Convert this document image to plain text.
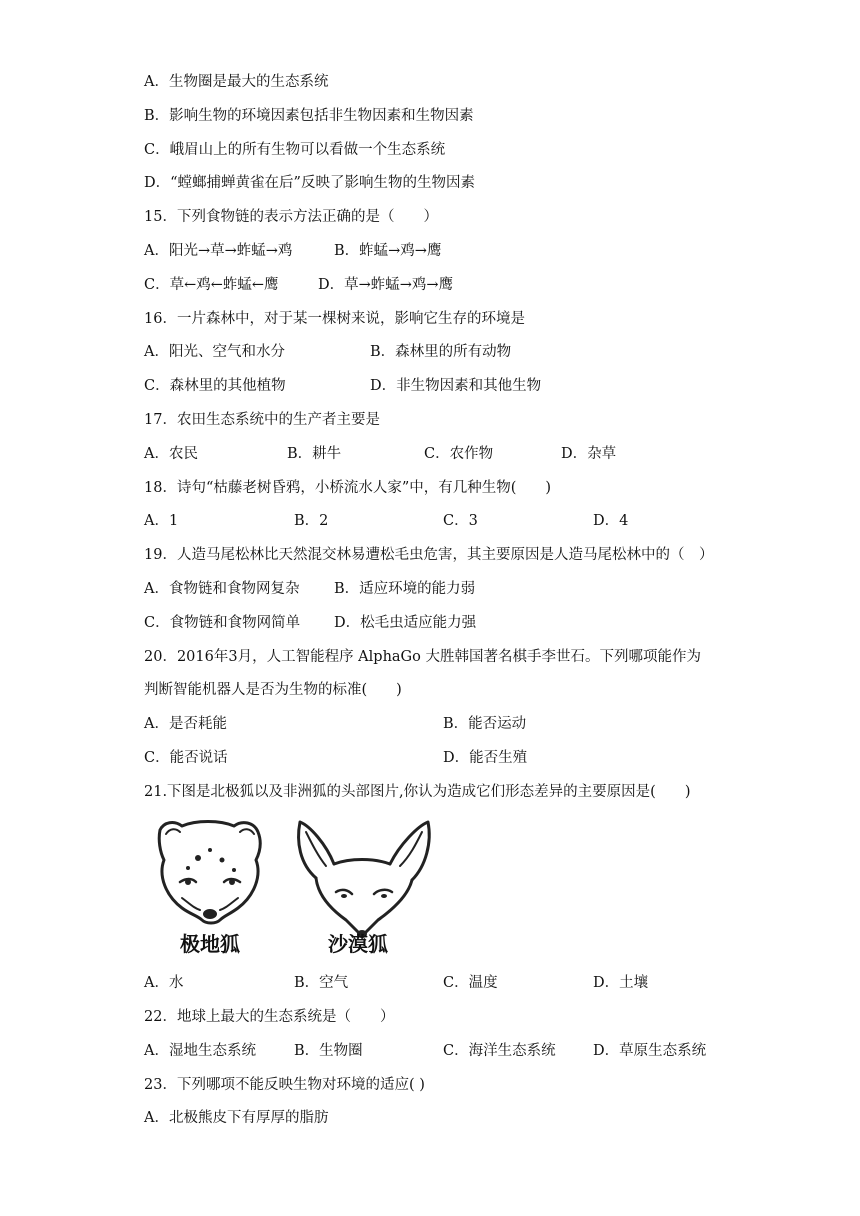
A．生物圈是最大的生态系统
B．影响生物的环境因素包括非生物因素和生物因素
C．峨眉山上的所有生物可以看做一个生态系统
D．“螳螂捕蝉黄雀在后”反映了影响生物的生物因素
15．下列食物链的表示方法正确的是（　　）
A．阳光→草→蚱蜢→鸡	B．蚱蜢→鸡→鹰
C．草←鸡←蚱蜢←鹰	D．草→蚱蜢→鸡→鹰
16．一片森林中，对于某一棵树来说，影响它生存的环境是
A．阳光、空气和水分	B．森林里的所有动物
C．森林里的其他植物	D．非生物因素和其他生物
17．农田生态系统中的生产者主要是
A．农民	B．耕牛	C．农作物	D．杂草
18．诗句“枯藤老树昏鸦，小桥流水人家”中，有几种生物(　　)
A．1	B．2	C．3	D．4
19．人造马尾松林比天然混交林易遭松毛虫危害，其主要原因是人造马尾松林中的（　）
A．食物链和食物网复杂 B．适应环境的能力弱
C．食物链和食物网简单 D．松毛虫适应能力强
20．2016年3月，人工智能程序 AlphaGo 大胜韩国著名棋手李世石。下列哪项能作为
判断智能机器人是否为生物的标准(　　)
A．是否耗能	B．能否运动
C．能否说话	D．能否生殖
21.下图是北极狐以及非洲狐的头部图片,你认为造成它们形态差异的主要原因是(　　)
极地狐	沙漠狐
A．水	B．空气	C．温度	D．土壤
22．地球上最大的生态系统是（　　）
A．湿地生态系统	B．生物圈	C．海洋生态系统	D．草原生态系统
23．下列哪项不能反映生物对环境的适应( )
A．北极熊皮下有厚厚的脂肪
